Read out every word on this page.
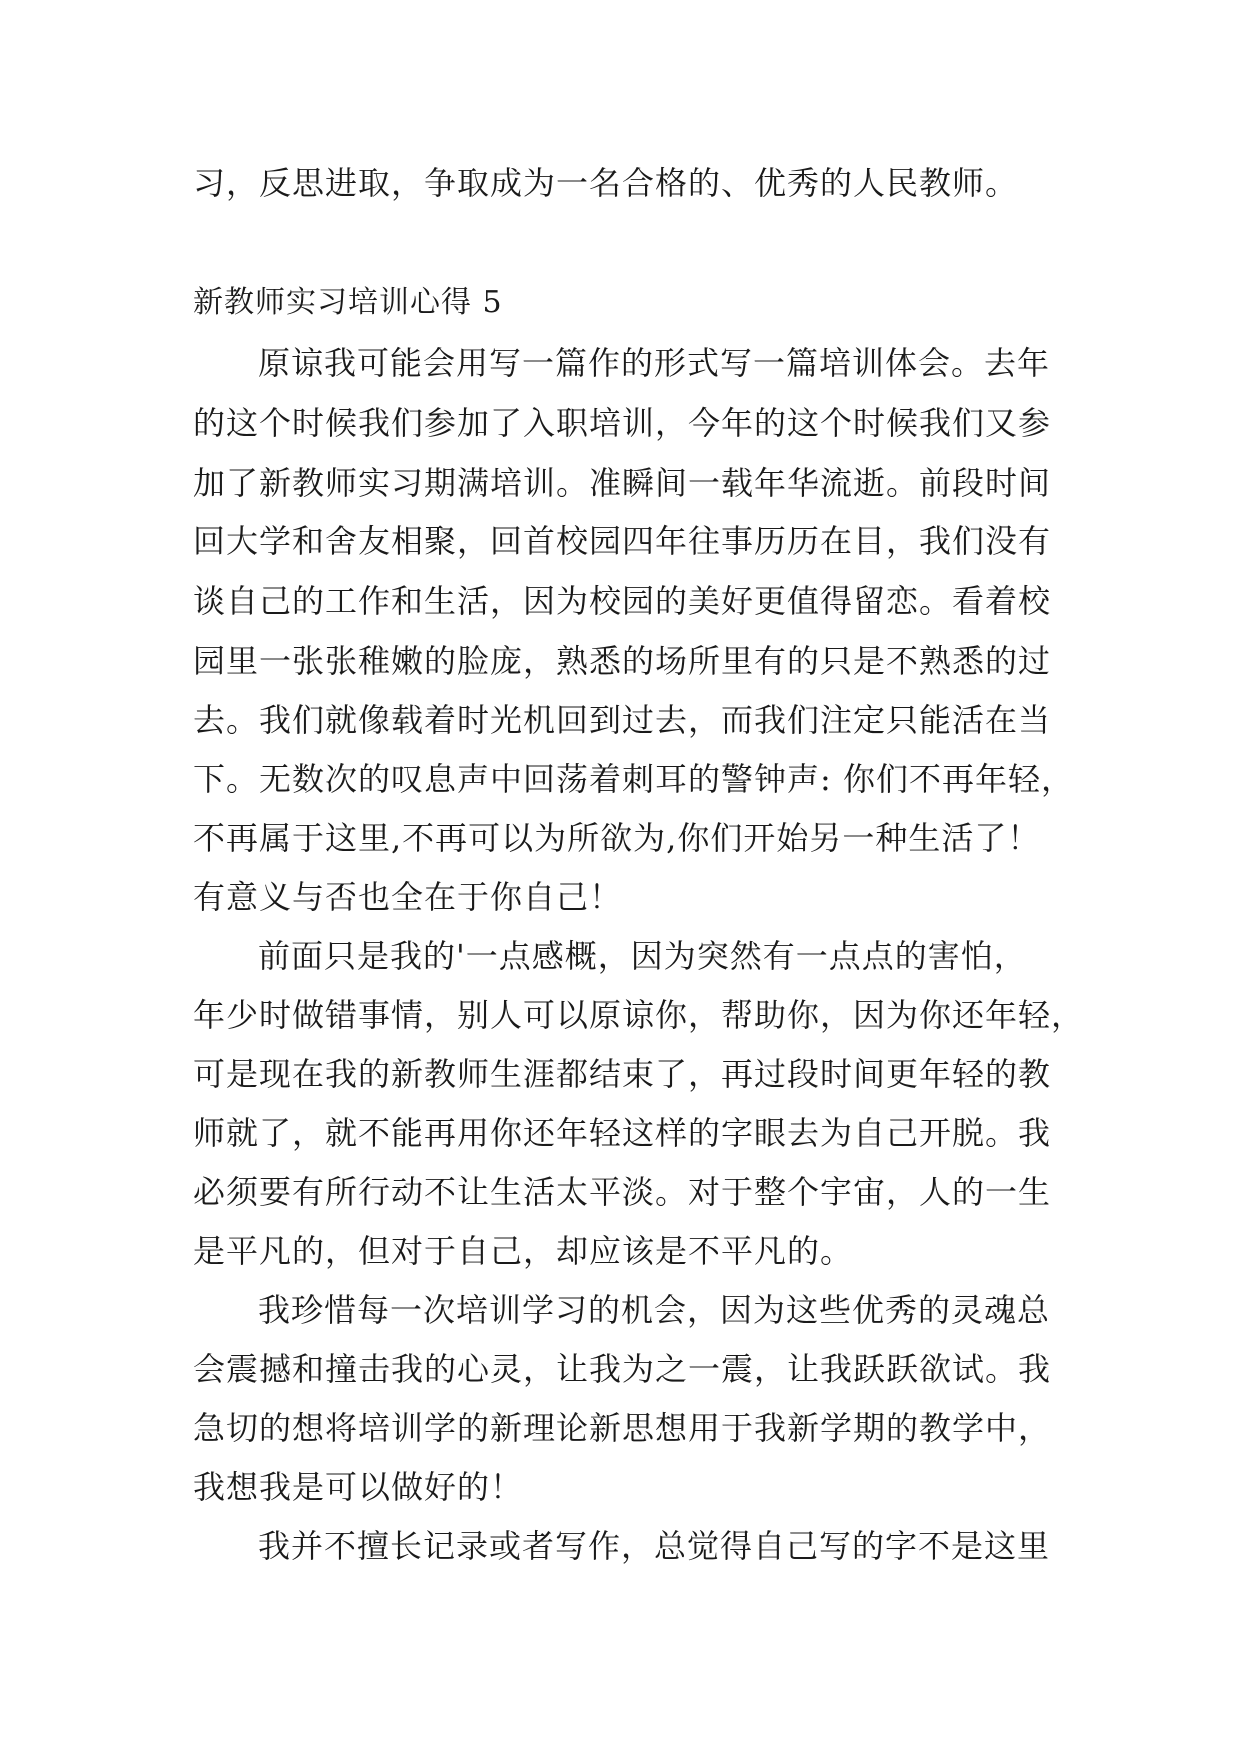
习，反思进取，争取成为一名合格的、优秀的人民教师。
新教师实习培训心得 5
原谅我可能会用写一篇作的形式写一篇培训体会。去年
的这个时候我们参加了入职培训，今年的这个时候我们又参
加了新教师实习期满培训。准瞬间一载年华流逝。前段时间
回大学和舍友相聚，回首校园四年往事历历在目，我们没有
谈自己的工作和生活，因为校园的美好更值得留恋。看着校
园里一张张稚嫩的脸庞，熟悉的场所里有的只是不熟悉的过
去。我们就像载着时光机回到过去，而我们注定只能活在当
下。无数次的叹息声中回荡着刺耳的警钟声: 你们不再年轻，
不再属于这里,不再可以为所欲为,你们开始另一种生活了！
有意义与否也全在于你自己！
前面只是我的'一点感概，因为突然有一点点的害怕，
年少时做错事情，别人可以原谅你，帮助你，因为你还年轻，
可是现在我的新教师生涯都结束了，再过段时间更年轻的教
师就了，就不能再用你还年轻这样的字眼去为自己开脱。我
必须要有所行动不让生活太平淡。对于整个宇宙，人的一生
是平凡的，但对于自己，却应该是不平凡的。
我珍惜每一次培训学习的机会，因为这些优秀的灵魂总
会震撼和撞击我的心灵，让我为之一震，让我跃跃欲试。我
急切的想将培训学的新理论新思想用于我新学期的教学中，
我想我是可以做好的！
我并不擅长记录或者写作，总觉得自己写的字不是这里
